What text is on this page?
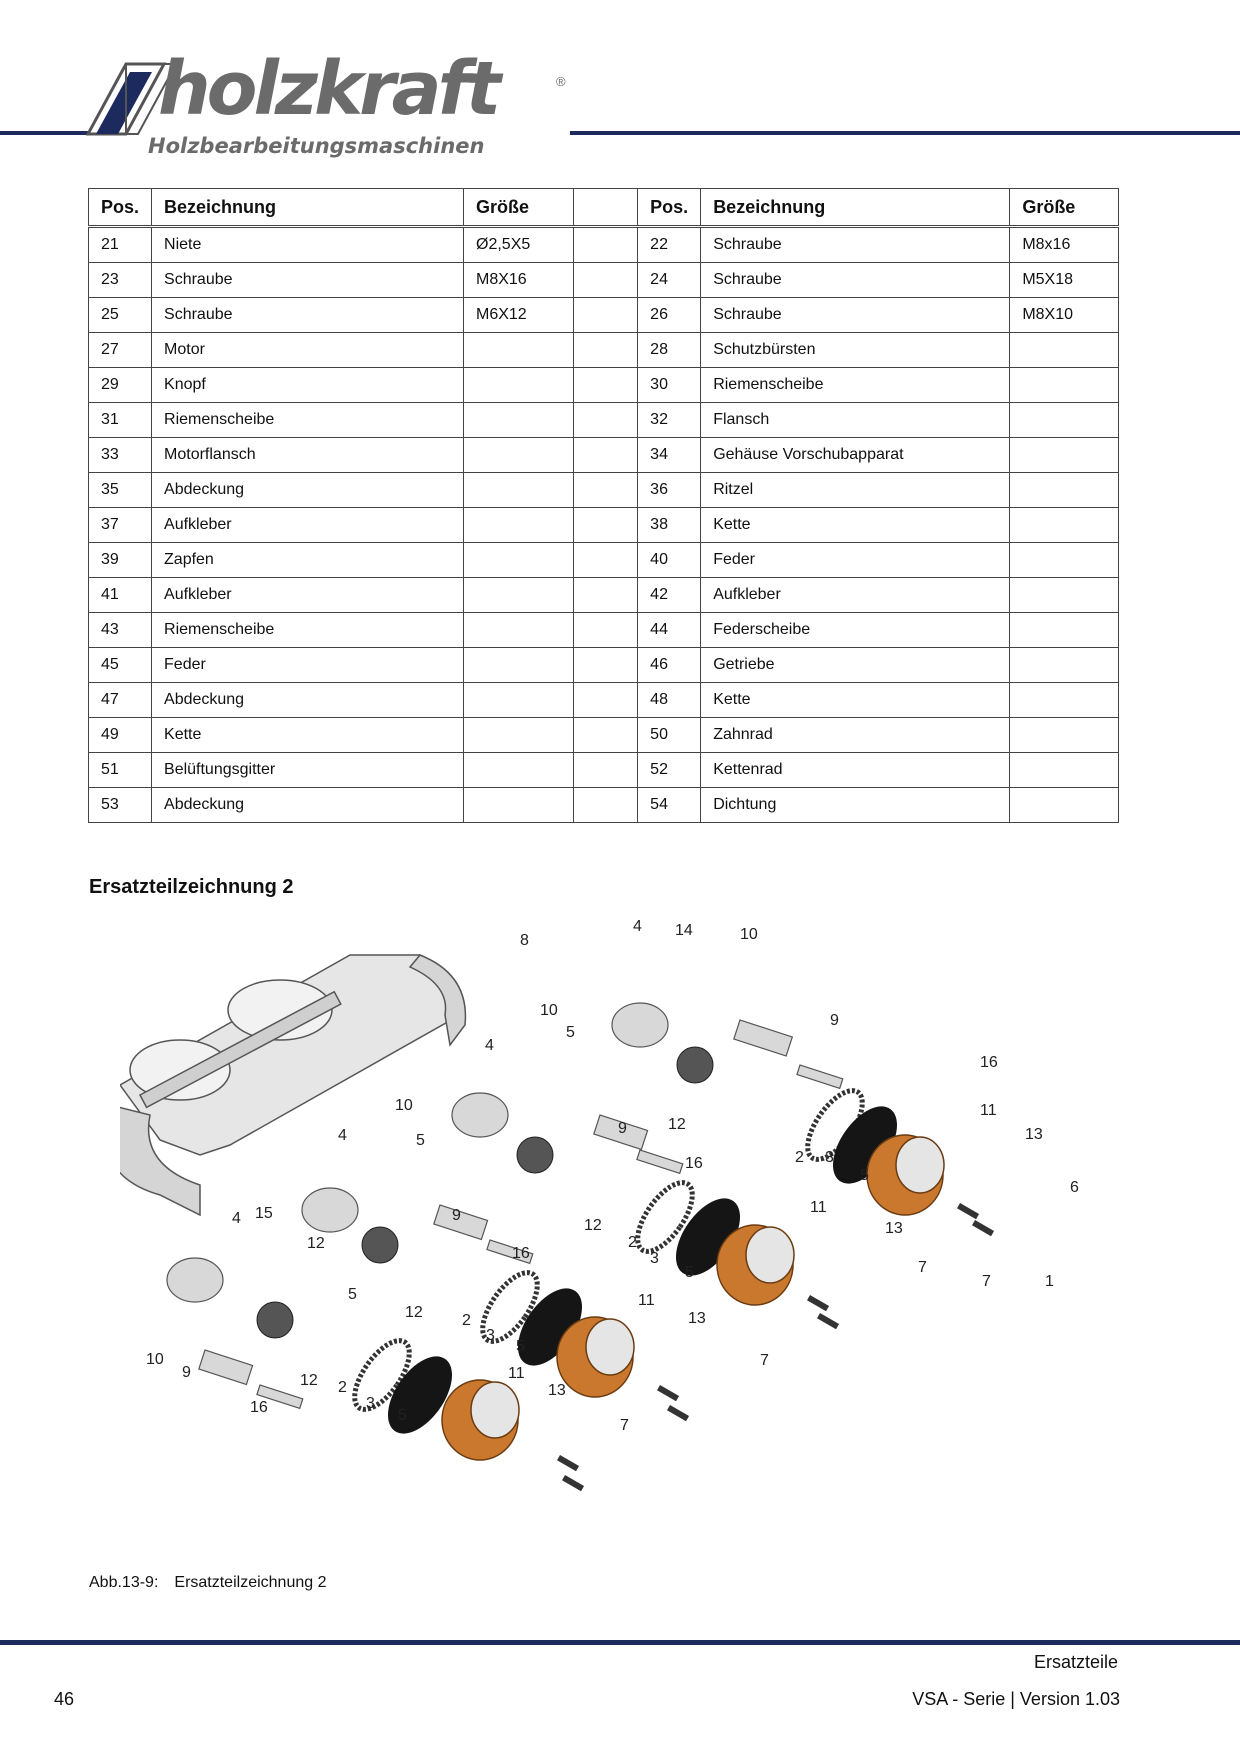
holzkraft	®
Holzbearbeitungsmaschinen
Pos.	Bezeichnung	Größe		Pos.	Bezeichnung	Größe
21	Niete	Ø2,5X5		22	Schraube	M8x16
23	Schraube	M8X16		24	Schraube	M5X18
25	Schraube	M6X12		26	Schraube	M8X10
27	Motor			28	Schutzbürsten	
29	Knopf			30	Riemenscheibe	
31	Riemenscheibe			32	Flansch	
33	Motorflansch			34	Gehäuse Vorschubapparat	
35	Abdeckung			36	Ritzel	
37	Aufkleber			38	Kette	
39	Zapfen			40	Feder	
41	Aufkleber			42	Aufkleber	
43	Riemenscheibe			44	Federscheibe	
45	Feder			46	Getriebe	
47	Abdeckung			48	Kette	
49	Kette			50	Zahnrad	
51	Belüftungsgitter			52	Kettenrad	
53	Abdeckung			54	Dichtung	
Ersatzteilzeichnung 2
8
4 14	10
10
4
5
9
16
10
4	5
9	12
11
2 3
13
16
5
6
15
4
11
9
12	13
12	2
16	3
7
5
7	1
5	11
13
12 2
3
5
7
10
9	11
12 2	13
3
16	5
7
Abb.13-9: Ersatzteilzeichnung 2
Ersatzteile
46	VSA - Serie | Version 1.03
